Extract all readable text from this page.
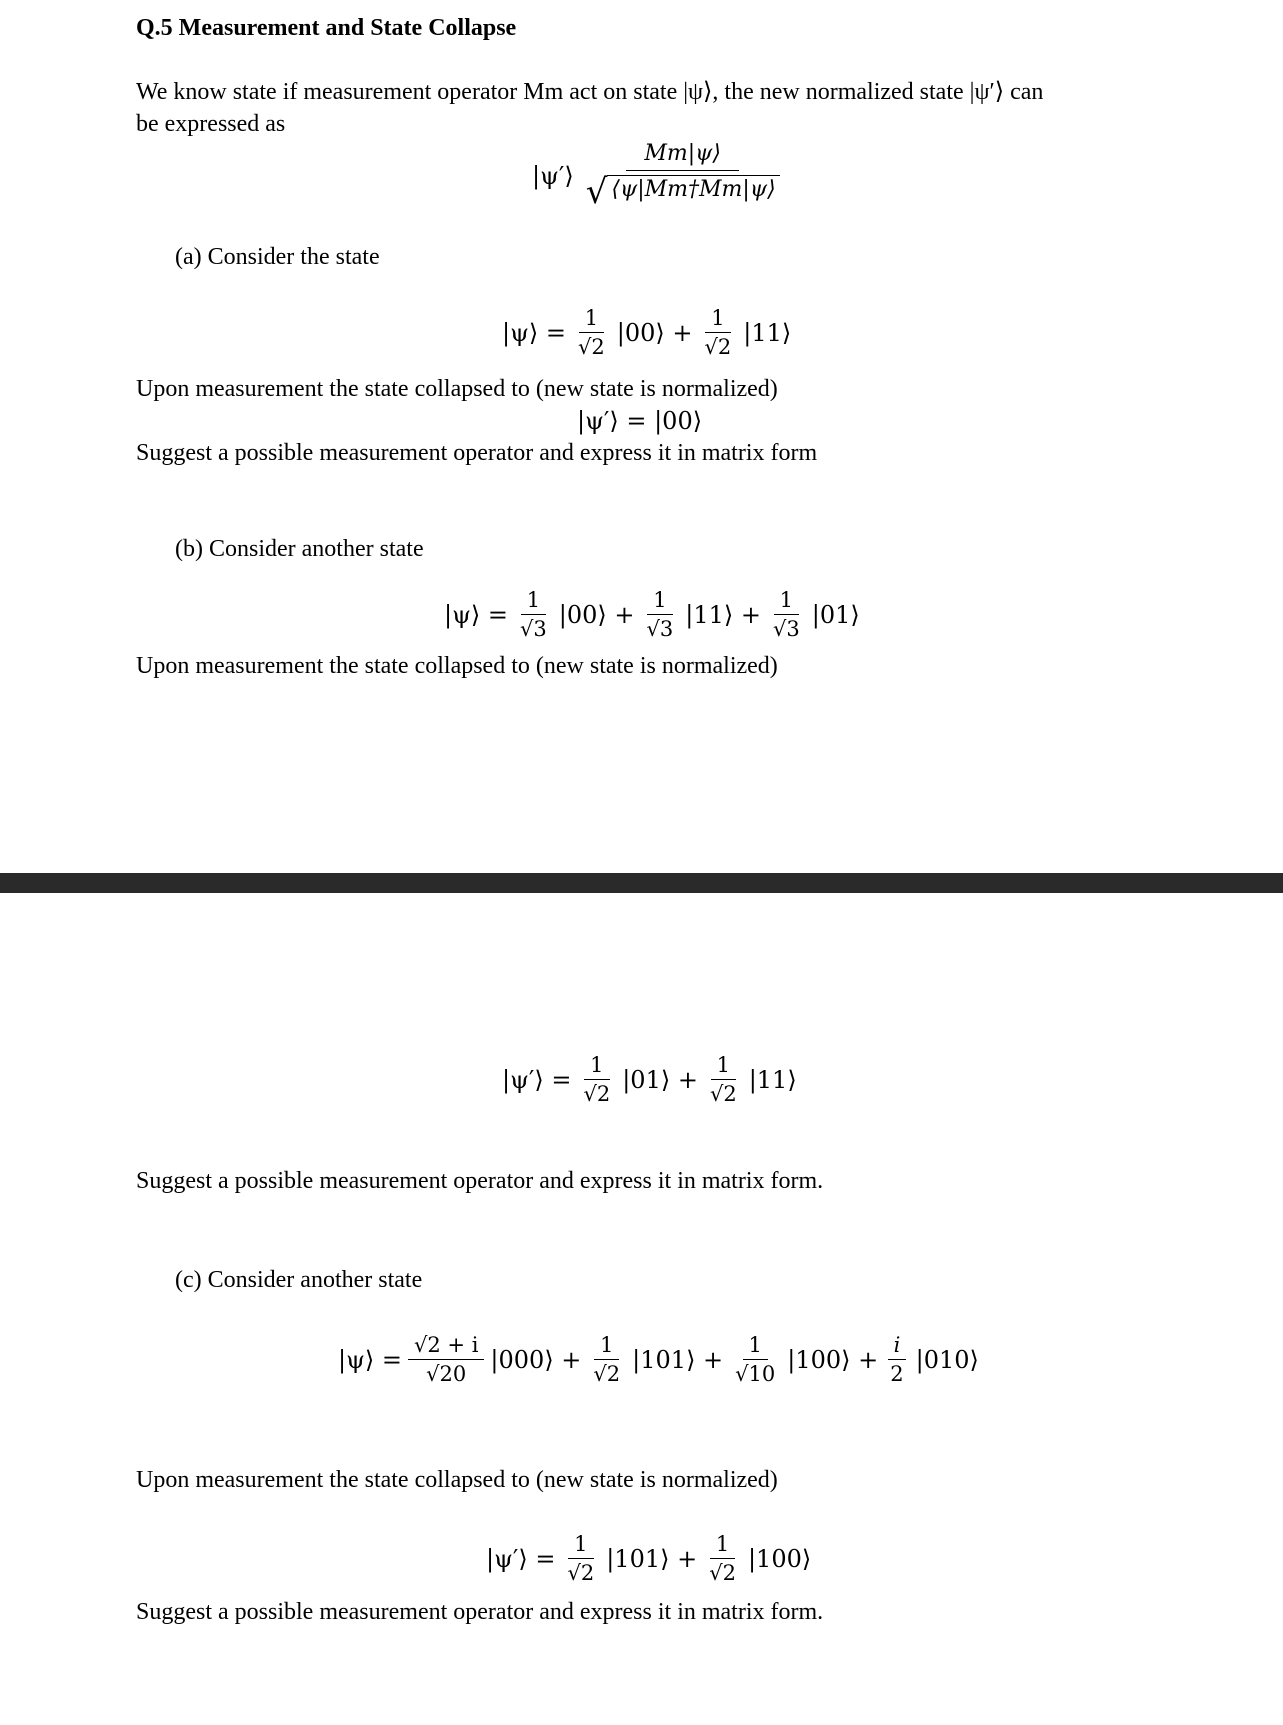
Q.5 Measurement and State Collapse
We know state if measurement operator Mm act on state |ψ⟩, the new normalized state |ψ′⟩ can
be expressed as
|ψ′⟩ $\frac{Mm|\psi⟩}{√ ⟨\psi|Mm\dagger Mm|\psi⟩}$
(a) Consider the state
|ψ⟩ = $\frac{1}{√2}$ |00⟩ + $\frac{1}{√2}$ |11⟩
Upon measurement the state collapsed to (new state is normalized)
|ψ′⟩ = |00⟩
Suggest a possible measurement operator and express it in matrix form
(b) Consider another state
|ψ⟩ = $\frac{1}{√3}$ |00⟩ + $\frac{1}{√3}$ |11⟩ + $\frac{1}{√3}$ |01⟩
Upon measurement the state collapsed to (new state is normalized)
|ψ′⟩ = $\frac{1}{√2}$ |01⟩ + $\frac{1}{√2}$ |11⟩
Suggest a possible measurement operator and express it in matrix form.
(c) Consider another state
|ψ⟩ = $\frac{√2 + i}{√20}$ |000⟩ + $\frac{1}{√2}$ |101⟩ + $\frac{1}{√10}$ |100⟩ + $\frac{i}{2}$ |010⟩
Upon measurement the state collapsed to (new state is normalized)
|ψ′⟩ = $\frac{1}{√2}$ |101⟩ + $\frac{1}{√2}$ |100⟩
Suggest a possible measurement operator and express it in matrix form.
